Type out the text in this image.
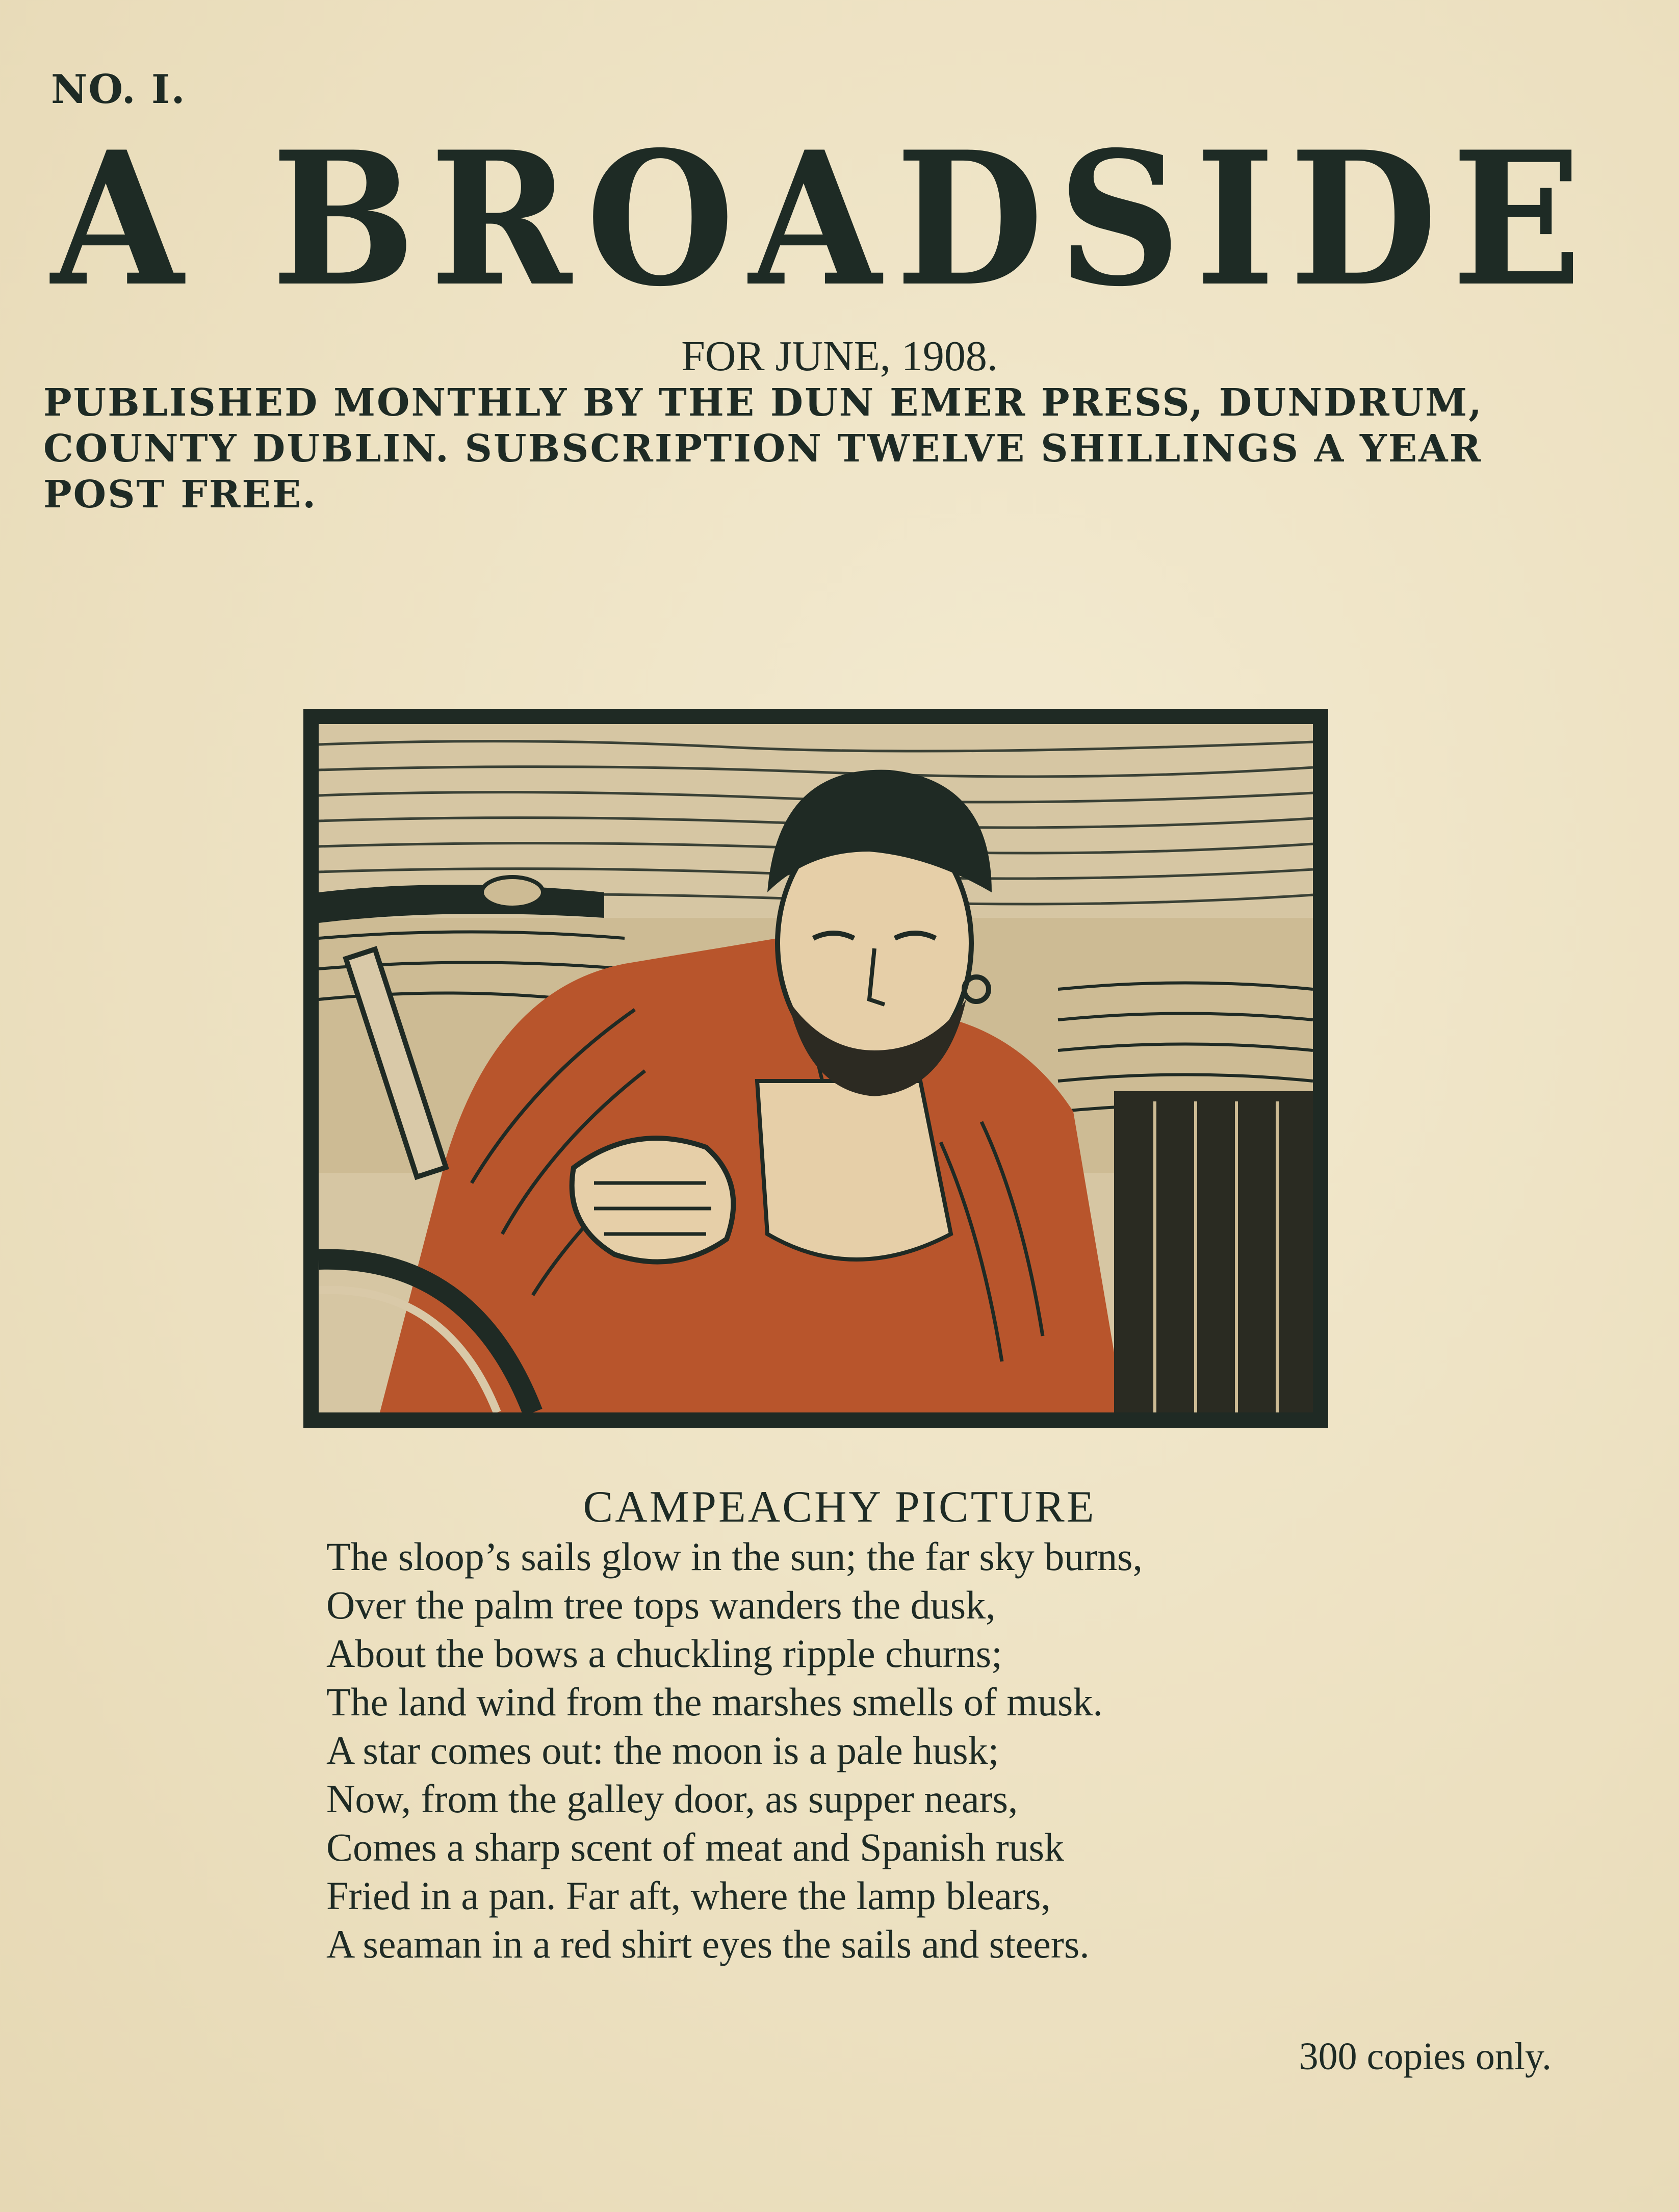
NO. I.
A BROADSIDE
FOR JUNE, 1908.
PUBLISHED MONTHLY BY THE DUN EMER PRESS, DUNDRUM,
COUNTY DUBLIN. SUBSCRIPTION TWELVE SHILLINGS A YEAR
POST FREE.
CAMPEACHY PICTURE
The sloop’s sails glow in the sun; the far sky burns,
Over the palm tree tops wanders the dusk,
About the bows a chuckling ripple churns;
The land wind from the marshes smells of musk.
A star comes out: the moon is a pale husk;
Now, from the galley door, as supper nears,
Comes a sharp scent of meat and Spanish rusk
Fried in a pan. Far aft, where the lamp blears,
A seaman in a red shirt eyes the sails and steers.
300 copies only.
